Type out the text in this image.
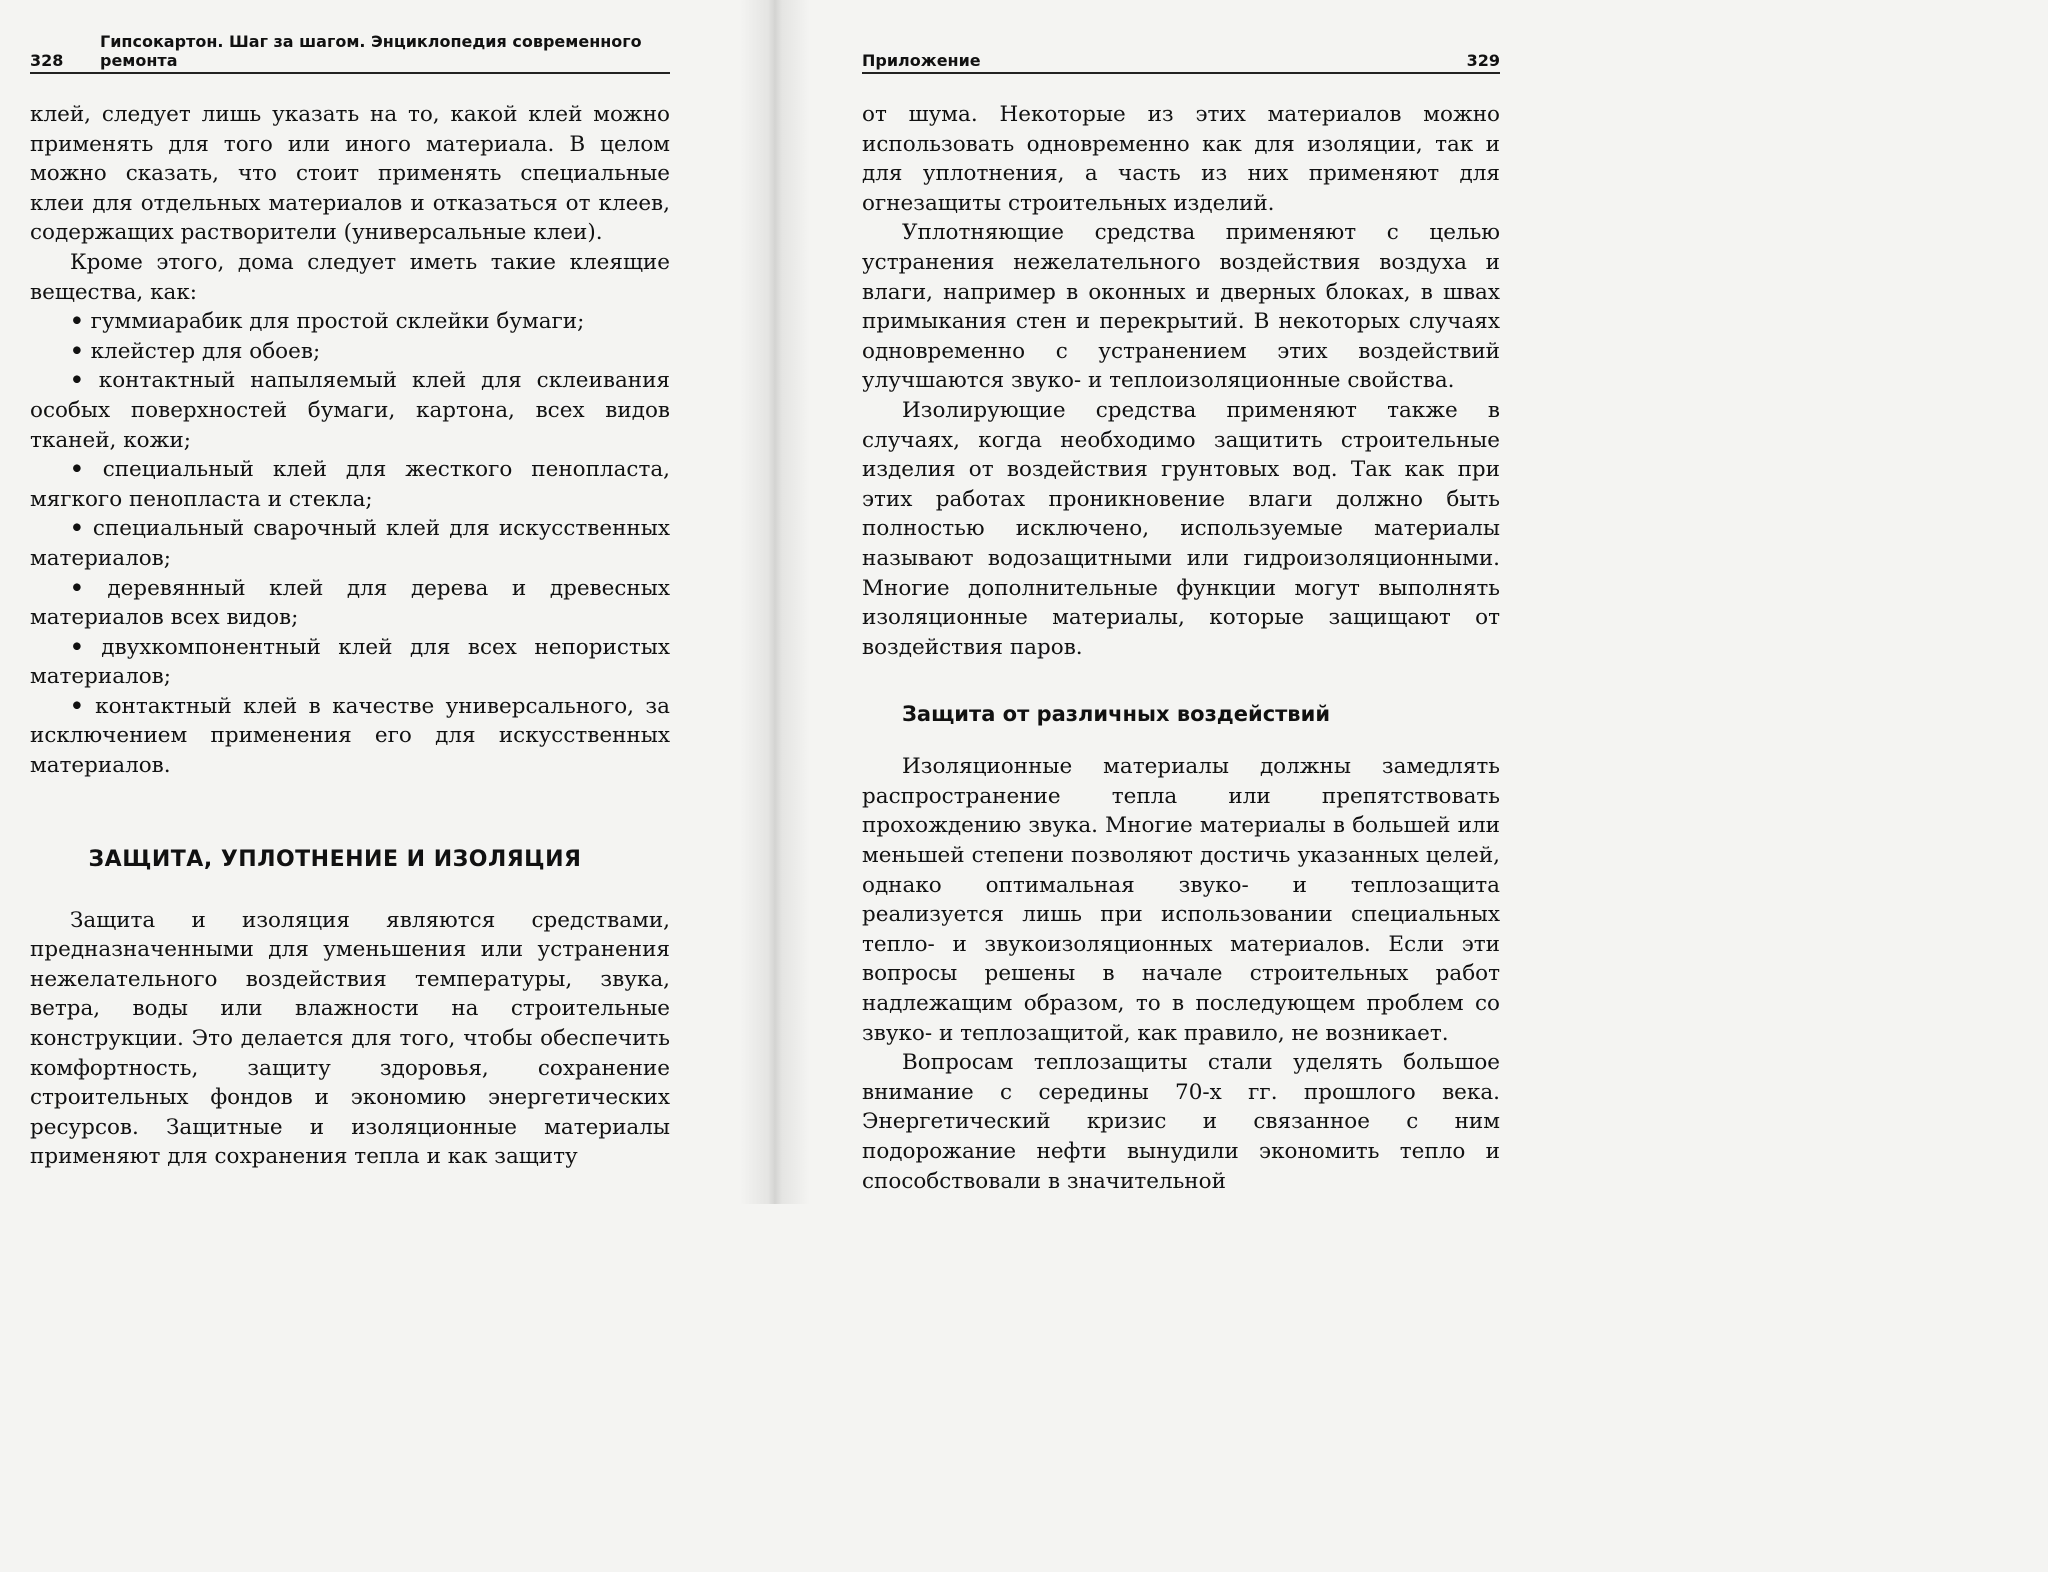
328
Гипсокартон. Шаг за шагом. Энциклопедия современного ремонта

клей, следует лишь указать на то, какой клей можно применять для того или иного материала. В целом можно сказать, что стоит применять специальные клеи для отдельных материалов и отказаться от клеев, содержащих растворители (универсальные клеи).

Кроме этого, дома следует иметь такие клеящие вещества, как:

• гуммиарабик для простой склейки бумаги;

• клейстер для обоев;

• контактный напыляемый клей для склеивания особых поверхностей бумаги, картона, всех видов тканей, кожи;

• специальный клей для жесткого пенопласта, мягкого пенопласта и стекла;

• специальный сварочный клей для искусственных материалов;

• деревянный клей для дерева и древесных материалов всех видов;

• двухкомпонентный клей для всех непористых материалов;

• контактный клей в качестве универсального, за исключением применения его для искусственных материалов.

ЗАЩИТА, УПЛОТНЕНИЕ И ИЗОЛЯЦИЯ

Защита и изоляция являются средствами, предназначенными для уменьшения или устранения нежелательного воздействия температуры, звука, ветра, воды или влажности на строительные конструкции. Это делается для того, чтобы обеспечить комфортность, защиту здоровья, сохранение строительных фондов и экономию энергетических ресурсов. Защитные и изоляционные материалы применяют для сохранения тепла и как защиту

Приложение	329

от шума. Некоторые из этих материалов можно использовать одновременно как для изоляции, так и для уплотнения, а часть из них применяют для огнезащиты строительных изделий.

Уплотняющие средства применяют с целью устранения нежелательного воздействия воздуха и влаги, например в оконных и дверных блоках, в швах примыкания стен и перекрытий. В некоторых случаях одновременно с устранением этих воздействий улучшаются звуко- и теплоизоляционные свойства.

Изолирующие средства применяют также в случаях, когда необходимо защитить строительные изделия от воздействия грунтовых вод. Так как при этих работах проникновение влаги должно быть полностью исключено, используемые материалы называют водозащитными или гидроизоляционными. Многие дополнительные функции могут выполнять изоляционные материалы, которые защищают от воздействия паров.

Защита от различных воздействий

Изоляционные материалы должны замедлять распространение тепла или препятствовать прохождению звука. Многие материалы в большей или меньшей степени позволяют достичь указанных целей, однако оптимальная звуко- и теплозащита реализуется лишь при использовании специальных тепло- и звукоизоляционных материалов. Если эти вопросы решены в начале строительных работ надлежащим образом, то в последующем проблем со звуко- и теплозащитой, как правило, не возникает.

Вопросам теплозащиты стали уделять большое внимание с середины 70-х гг. прошлого века. Энергетический кризис и связанное с ним подорожание нефти вынудили экономить тепло и способствовали в значительной
